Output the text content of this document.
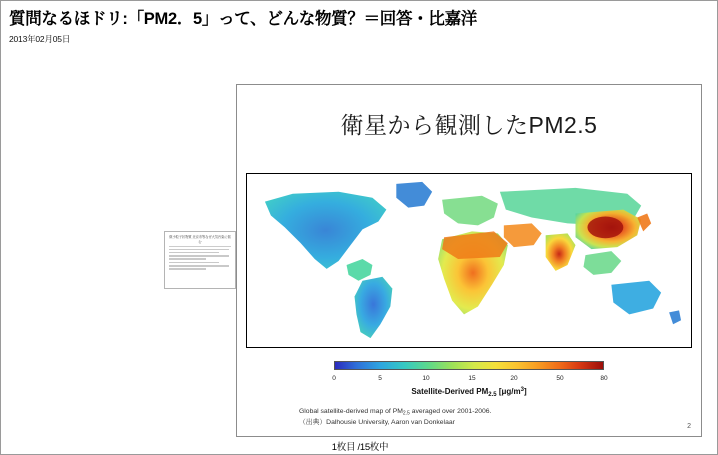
質問なるほドリ:「PM2．5」って、どんな物質？＝回答・比嘉洋
2013年02月05日
微小粒子状物質 北京市等なぜ大気汚染に悩む
衛星から観測したPM2.5
0	5	10	15	20	50	80
Satellite-Derived $PM_{2.5}$ $[\mu g/m^3]$
Global satellite-derived map of $PM_{2.5}$ averaged over 2001-2006.
（出典）Dalhousie University, Aaron van Donkelaar
2
1枚目 /15枚中
